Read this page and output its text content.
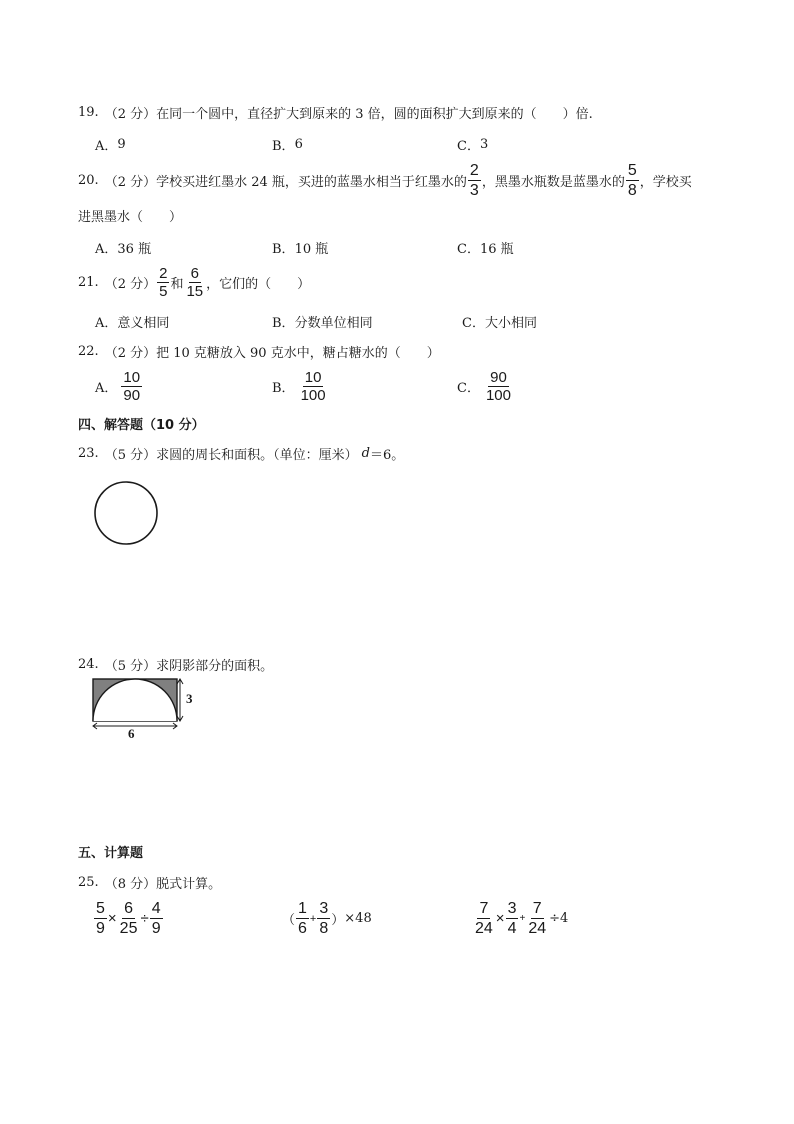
19. （2 分） 在同一个圆中，直径扩大到原来的 3 倍，圆的面积扩大到原来的（　　）倍.
A． 9	B． 6	C． 3
20. （2 分） 学校买进红墨水 24 瓶，买进的蓝墨水相当于红墨水的 $\frac{2}{3}$ ，黑墨水瓶数是蓝墨水的 $\frac{5}{8}$ ，学校买
进黑墨水（　　）
A． 36 瓶	B． 10 瓶	C． 16 瓶
21. （2 分） $\frac{2}{5}$ 和 $\frac{6}{15}$ ，它们的（　　）
A． 意义相同	B． 分数单位相同	C． 大小相同
22. （2 分） 把 10 克糖放入 90 克水中，糖占糖水的（　　）
A． $\frac{10}{90}$	B． $\frac{10}{100}$	C． $\frac{90}{100}$
四、解答题（10 分）
23. （5 分） 求圆的周长和面积。（单位：厘米） d ＝6。
24. （5 分） 求阴影部分的面积。
3
6
五、计算题
25. （8 分） 脱式计算。
$\frac{5}{9} \times \frac{6}{25} \div \frac{4}{9}$	（ $\frac{1}{6} + \frac{3}{8}$ ） ×48	$\frac{7}{24} \times \frac{3}{4} + \frac{7}{24} \div 4$
